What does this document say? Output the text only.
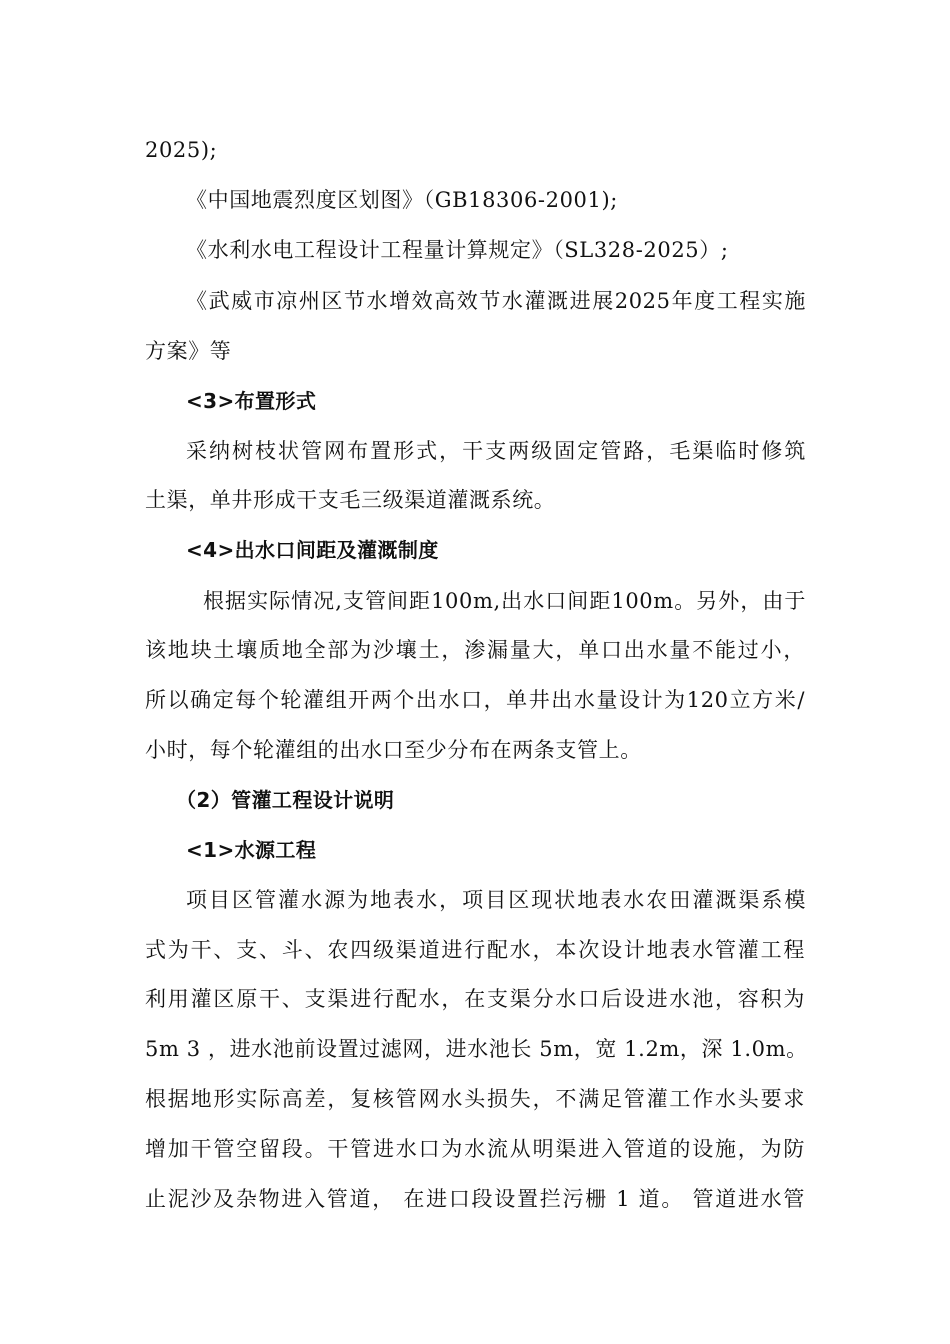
2025);
《中国地震烈度区划图》（GB18306-2001);
《水利水电工程设计工程量计算规定》（SL328-2025）;
《武威市凉州区节水增效高效节水灌溉进展2025年度工程实施
方案》等
<3>布置形式
采纳树枝状管网布置形式，干支两级固定管路，毛渠临时修筑
土渠，单井形成干支毛三级渠道灌溉系统。
<4>出水口间距及灌溉制度
根据实际情况,支管间距100m,出水口间距100m。另外，由于
该地块土壤质地全部为沙壤土，渗漏量大，单口出水量不能过小，
所以确定每个轮灌组开两个出水口，单井出水量设计为120立方米/
小时，每个轮灌组的出水口至少分布在两条支管上。
（2）管灌工程设计说明
<1>水源工程
项目区管灌水源为地表水，项目区现状地表水农田灌溉渠系模
式为干、支、斗、农四级渠道进行配水，本次设计地表水管灌工程
利用灌区原干、支渠进行配水，在支渠分水口后设进水池，容积为
5m 3 ，进水池前设置过滤网，进水池长 5m，宽 1.2m，深 1.0m。
根据地形实际高差，复核管网水头损失，不满足管灌工作水头要求
增加干管空留段。干管进水口为水流从明渠进入管道的设施，为防
止泥沙及杂物进入管道， 在进口段设置拦污栅 1 道。 管道进水管
